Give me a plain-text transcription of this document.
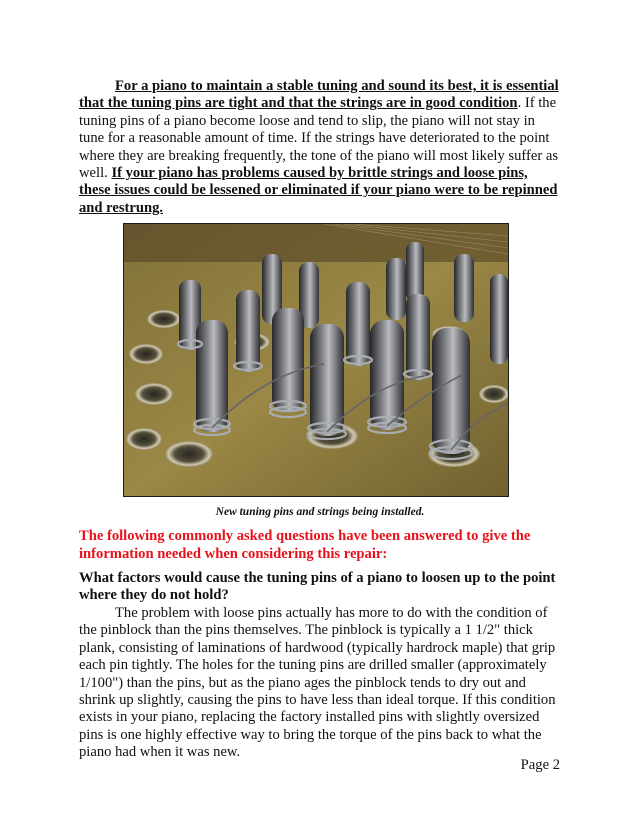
For a piano to maintain a stable tuning and sound its best, it is essential that the tuning pins are tight and that the strings are in good condition. If the tuning pins of a piano become loose and tend to slip, the piano will not stay in tune for a reasonable amount of time. If the strings have deteriorated to the point where they are breaking frequently, the tone of the piano will most likely suffer as well. If your piano has problems caused by brittle strings and loose pins, these issues could be lessened or eliminated if your piano were to be repinned and restrung.

New tuning pins and strings being installed.

The following commonly asked questions have been answered to give the information needed when considering this repair:

What factors would cause the tuning pins of a piano to loosen up to the point where they do not hold?

The problem with loose pins actually has more to do with the condition of the pinblock than the pins themselves. The pinblock is typically a 1 1/2" thick plank, consisting of laminations of hardwood (typically hardrock maple) that grip each pin tightly. The holes for the tuning pins are drilled smaller (approximately 1/100") than the pins, but as the piano ages the pinblock tends to dry out and shrink up slightly, causing the pins to have less than ideal torque. If this condition exists in your piano, replacing the factory installed pins with slightly oversized pins is one highly effective way to bring the torque of the pins back to what the piano had when it was new.

Page 2
